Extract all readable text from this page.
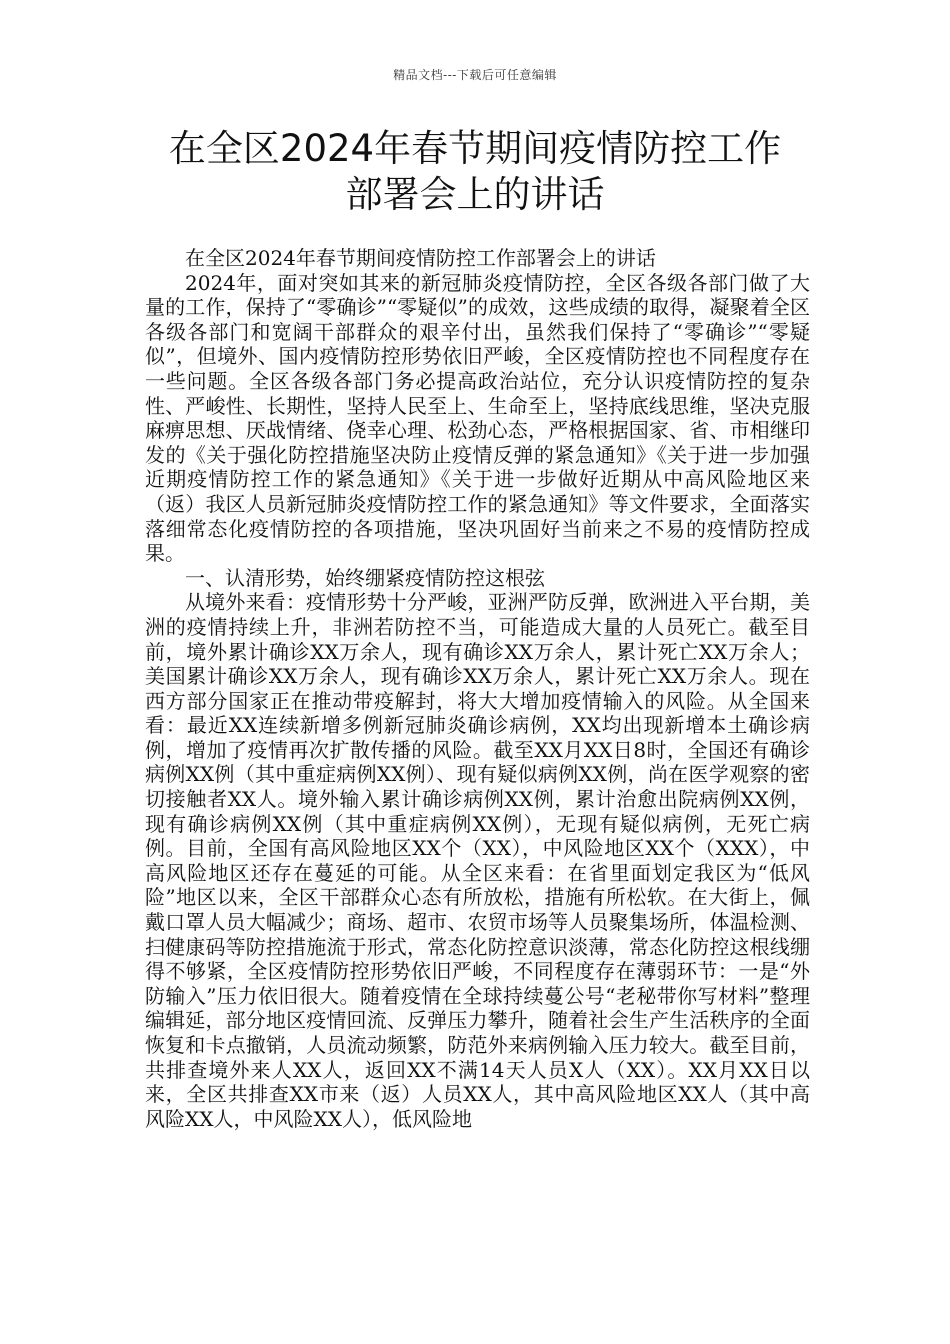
精品文档---下载后可任意编辑
在全区2024年春节期间疫情防控工作
部署会上的讲话

在全区2024年春节期间疫情防控工作部署会上的讲话

2024年，面对突如其来的新冠肺炎疫情防控，全区各级各部门做了大量的工作，保持了“零确诊”“零疑似”的成效，这些成绩的取得，凝聚着全区各级各部门和宽阔干部群众的艰辛付出，虽然我们保持了“零确诊”“零疑似”，但境外、国内疫情防控形势依旧严峻，全区疫情防控也不同程度存在一些问题。全区各级各部门务必提高政治站位，充分认识疫情防控的复杂性、严峻性、长期性，坚持人民至上、生命至上，坚持底线思维，坚决克服麻痹思想、厌战情绪、侥幸心理、松劲心态，严格根据国家、省、市相继印发的《关于强化防控措施坚决防止疫情反弹的紧急通知》《关于进一步加强近期疫情防控工作的紧急通知》《关于进一步做好近期从中高风险地区来（返）我区人员新冠肺炎疫情防控工作的紧急通知》等文件要求，全面落实落细常态化疫情防控的各项措施，坚决巩固好当前来之不易的疫情防控成果。

一、认清形势，始终绷紧疫情防控这根弦

从境外来看：疫情形势十分严峻，亚洲严防反弹，欧洲进入平台期，美洲的疫情持续上升，非洲若防控不当，可能造成大量的人员死亡。截至目前，境外累计确诊XX万余人，现有确诊XX万余人，累计死亡XX万余人；美国累计确诊XX万余人，现有确诊XX万余人，累计死亡XX万余人。现在西方部分国家正在推动带疫解封，将大大增加疫情输入的风险。从全国来看：最近XX连续新增多例新冠肺炎确诊病例，XX均出现新增本土确诊病例，增加了疫情再次扩散传播的风险。截至XX月XX日8时，全国还有确诊病例XX例（其中重症病例XX例）、现有疑似病例XX例，尚在医学观察的密切接触者XX人。境外输入累计确诊病例XX例，累计治愈出院病例XX例，现有确诊病例XX例（其中重症病例XX例），无现有疑似病例，无死亡病例。目前，全国有高风险地区XX个（XX），中风险地区XX个（XXX），中高风险地区还存在蔓延的可能。从全区来看：在省里面划定我区为“低风险”地区以来，全区干部群众心态有所放松，措施有所松软。在大街上，佩戴口罩人员大幅减少；商场、超市、农贸市场等人员聚集场所，体温检测、扫健康码等防控措施流于形式，常态化防控意识淡薄，常态化防控这根线绷得不够紧，全区疫情防控形势依旧严峻，不同程度存在薄弱环节：一是“外防输入”压力依旧很大。随着疫情在全球持续蔓公号“老秘带你写材料”整理编辑延，部分地区疫情回流、反弹压力攀升，随着社会生产生活秩序的全面恢复和卡点撤销，人员流动频繁，防范外来病例输入压力较大。截至目前，共排查境外来人XX人，返回XX不满14天人员X人（XX）。XX月XX日以来，全区共排查XX市来（返）人员XX人，其中高风险地区XX人（其中高风险XX人，中风险XX人），低风险地
